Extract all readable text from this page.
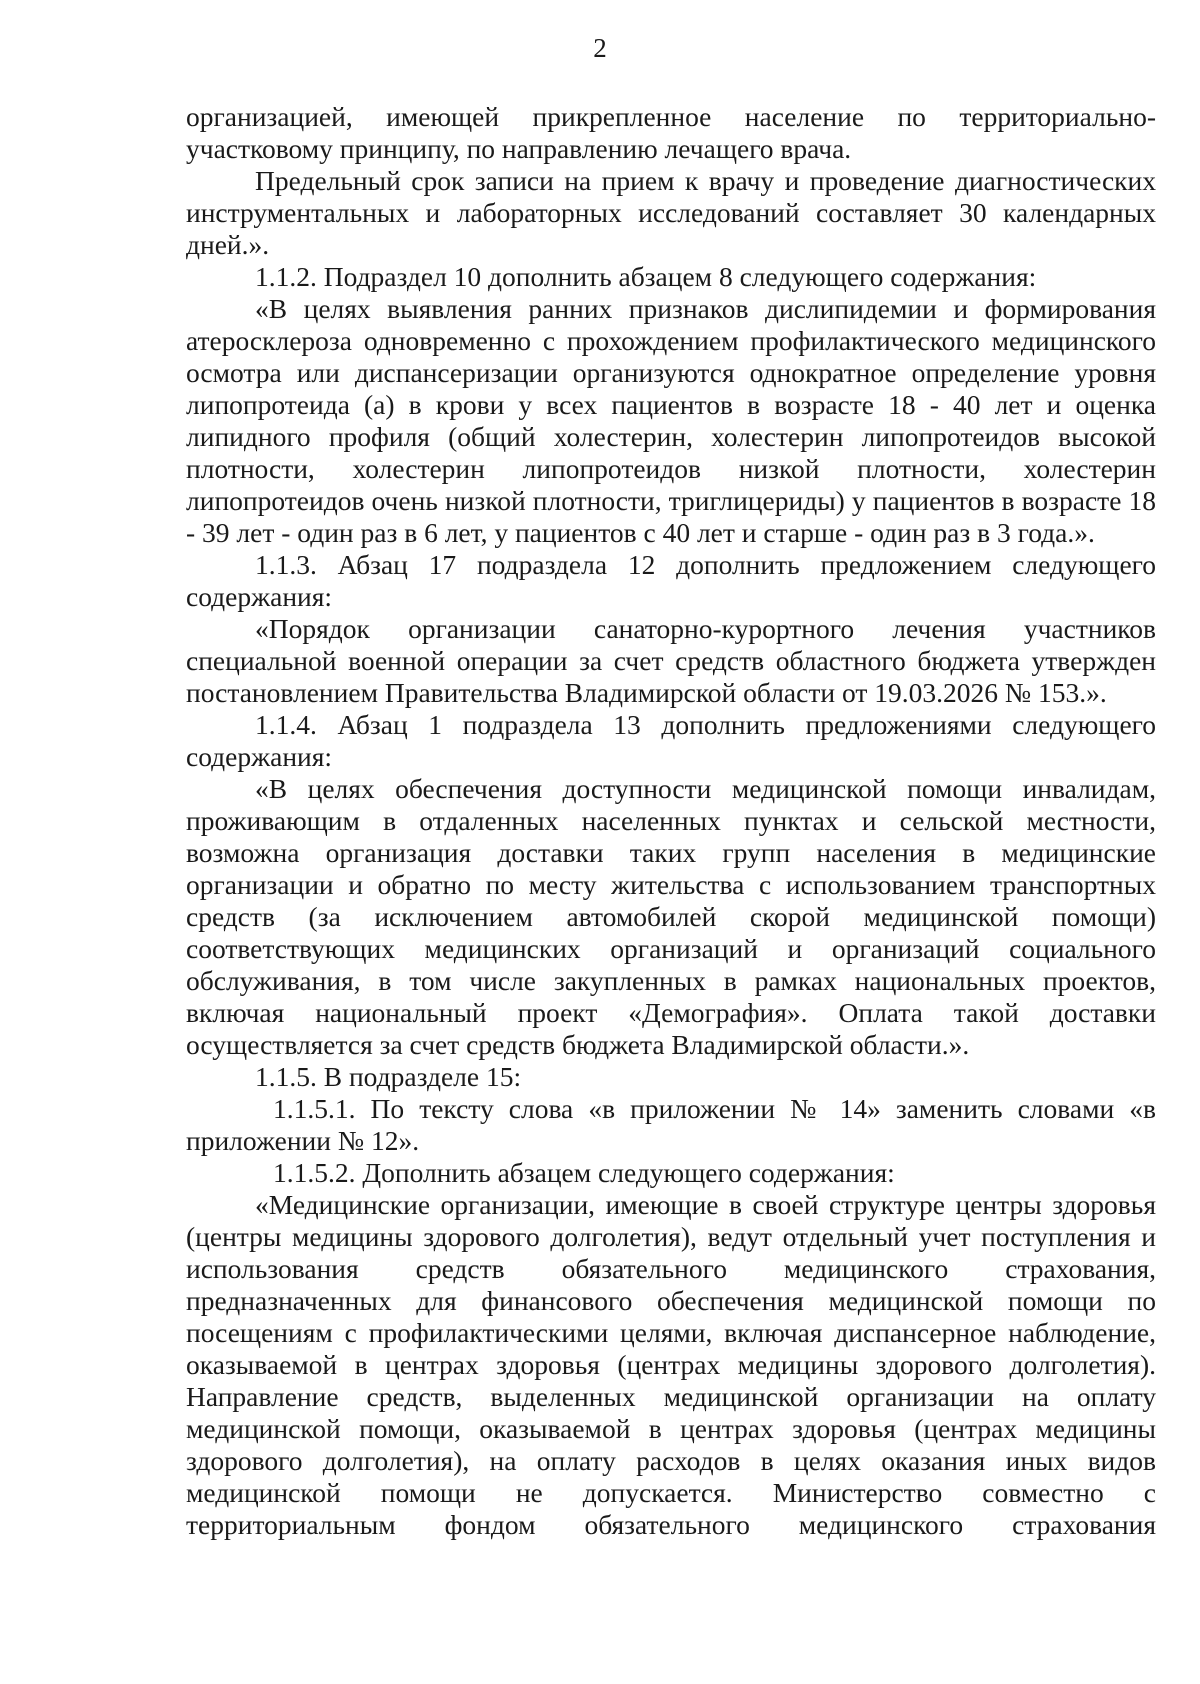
2

организацией, имеющей прикрепленное население по территориально-участковому принципу, по направлению лечащего врача.

Предельный срок записи на прием к врачу и проведение диагностических инструментальных и лабораторных исследований составляет 30 календарных дней.».

1.1.2. Подраздел 10 дополнить абзацем 8 следующего содержания:

«В целях выявления ранних признаков дислипидемии и формирования атеросклероза одновременно с прохождением профилактического медицинского осмотра или диспансеризации организуются однократное определение уровня липопротеида (а) в крови у всех пациентов в возрасте 18 - 40 лет и оценка липидного профиля (общий холестерин, холестерин липопротеидов высокой плотности, холестерин липопротеидов низкой плотности, холестерин липопротеидов очень низкой плотности, триглицериды) у пациентов в возрасте 18 - 39 лет - один раз в 6 лет, у пациентов с 40 лет и старше - один раз в 3 года.».

1.1.3. Абзац 17 подраздела 12 дополнить предложением следующего содержания:

«Порядок организации санаторно-курортного лечения участников специальной военной операции за счет средств областного бюджета утвержден постановлением Правительства Владимирской области от 19.03.2026 № 153.».

1.1.4. Абзац 1 подраздела 13 дополнить предложениями следующего содержания:

«В целях обеспечения доступности медицинской помощи инвалидам, проживающим в отдаленных населенных пунктах и сельской местности, возможна организация доставки таких групп населения в медицинские организации и обратно по месту жительства с использованием транспортных средств (за исключением автомобилей скорой медицинской помощи) соответствующих медицинских организаций и организаций социального обслуживания, в том числе закупленных в рамках национальных проектов, включая национальный проект «Демография». Оплата такой доставки осуществляется за счет средств бюджета Владимирской области.».

1.1.5. В подразделе 15:

1.1.5.1. По тексту слова «в приложении № 14» заменить словами «в приложении № 12».

1.1.5.2. Дополнить абзацем следующего содержания:

«Медицинские организации, имеющие в своей структуре центры здоровья (центры медицины здорового долголетия), ведут отдельный учет поступления и использования средств обязательного медицинского страхования, предназначенных для финансового обеспечения медицинской помощи по посещениям с профилактическими целями, включая диспансерное наблюдение, оказываемой в центрах здоровья (центрах медицины здорового долголетия). Направление средств, выделенных медицинской организации на оплату медицинской помощи, оказываемой в центрах здоровья (центрах медицины здорового долголетия), на оплату расходов в целях оказания иных видов медицинской помощи не допускается. Министерство совместно с территориальным фондом обязательного медицинского страхования
